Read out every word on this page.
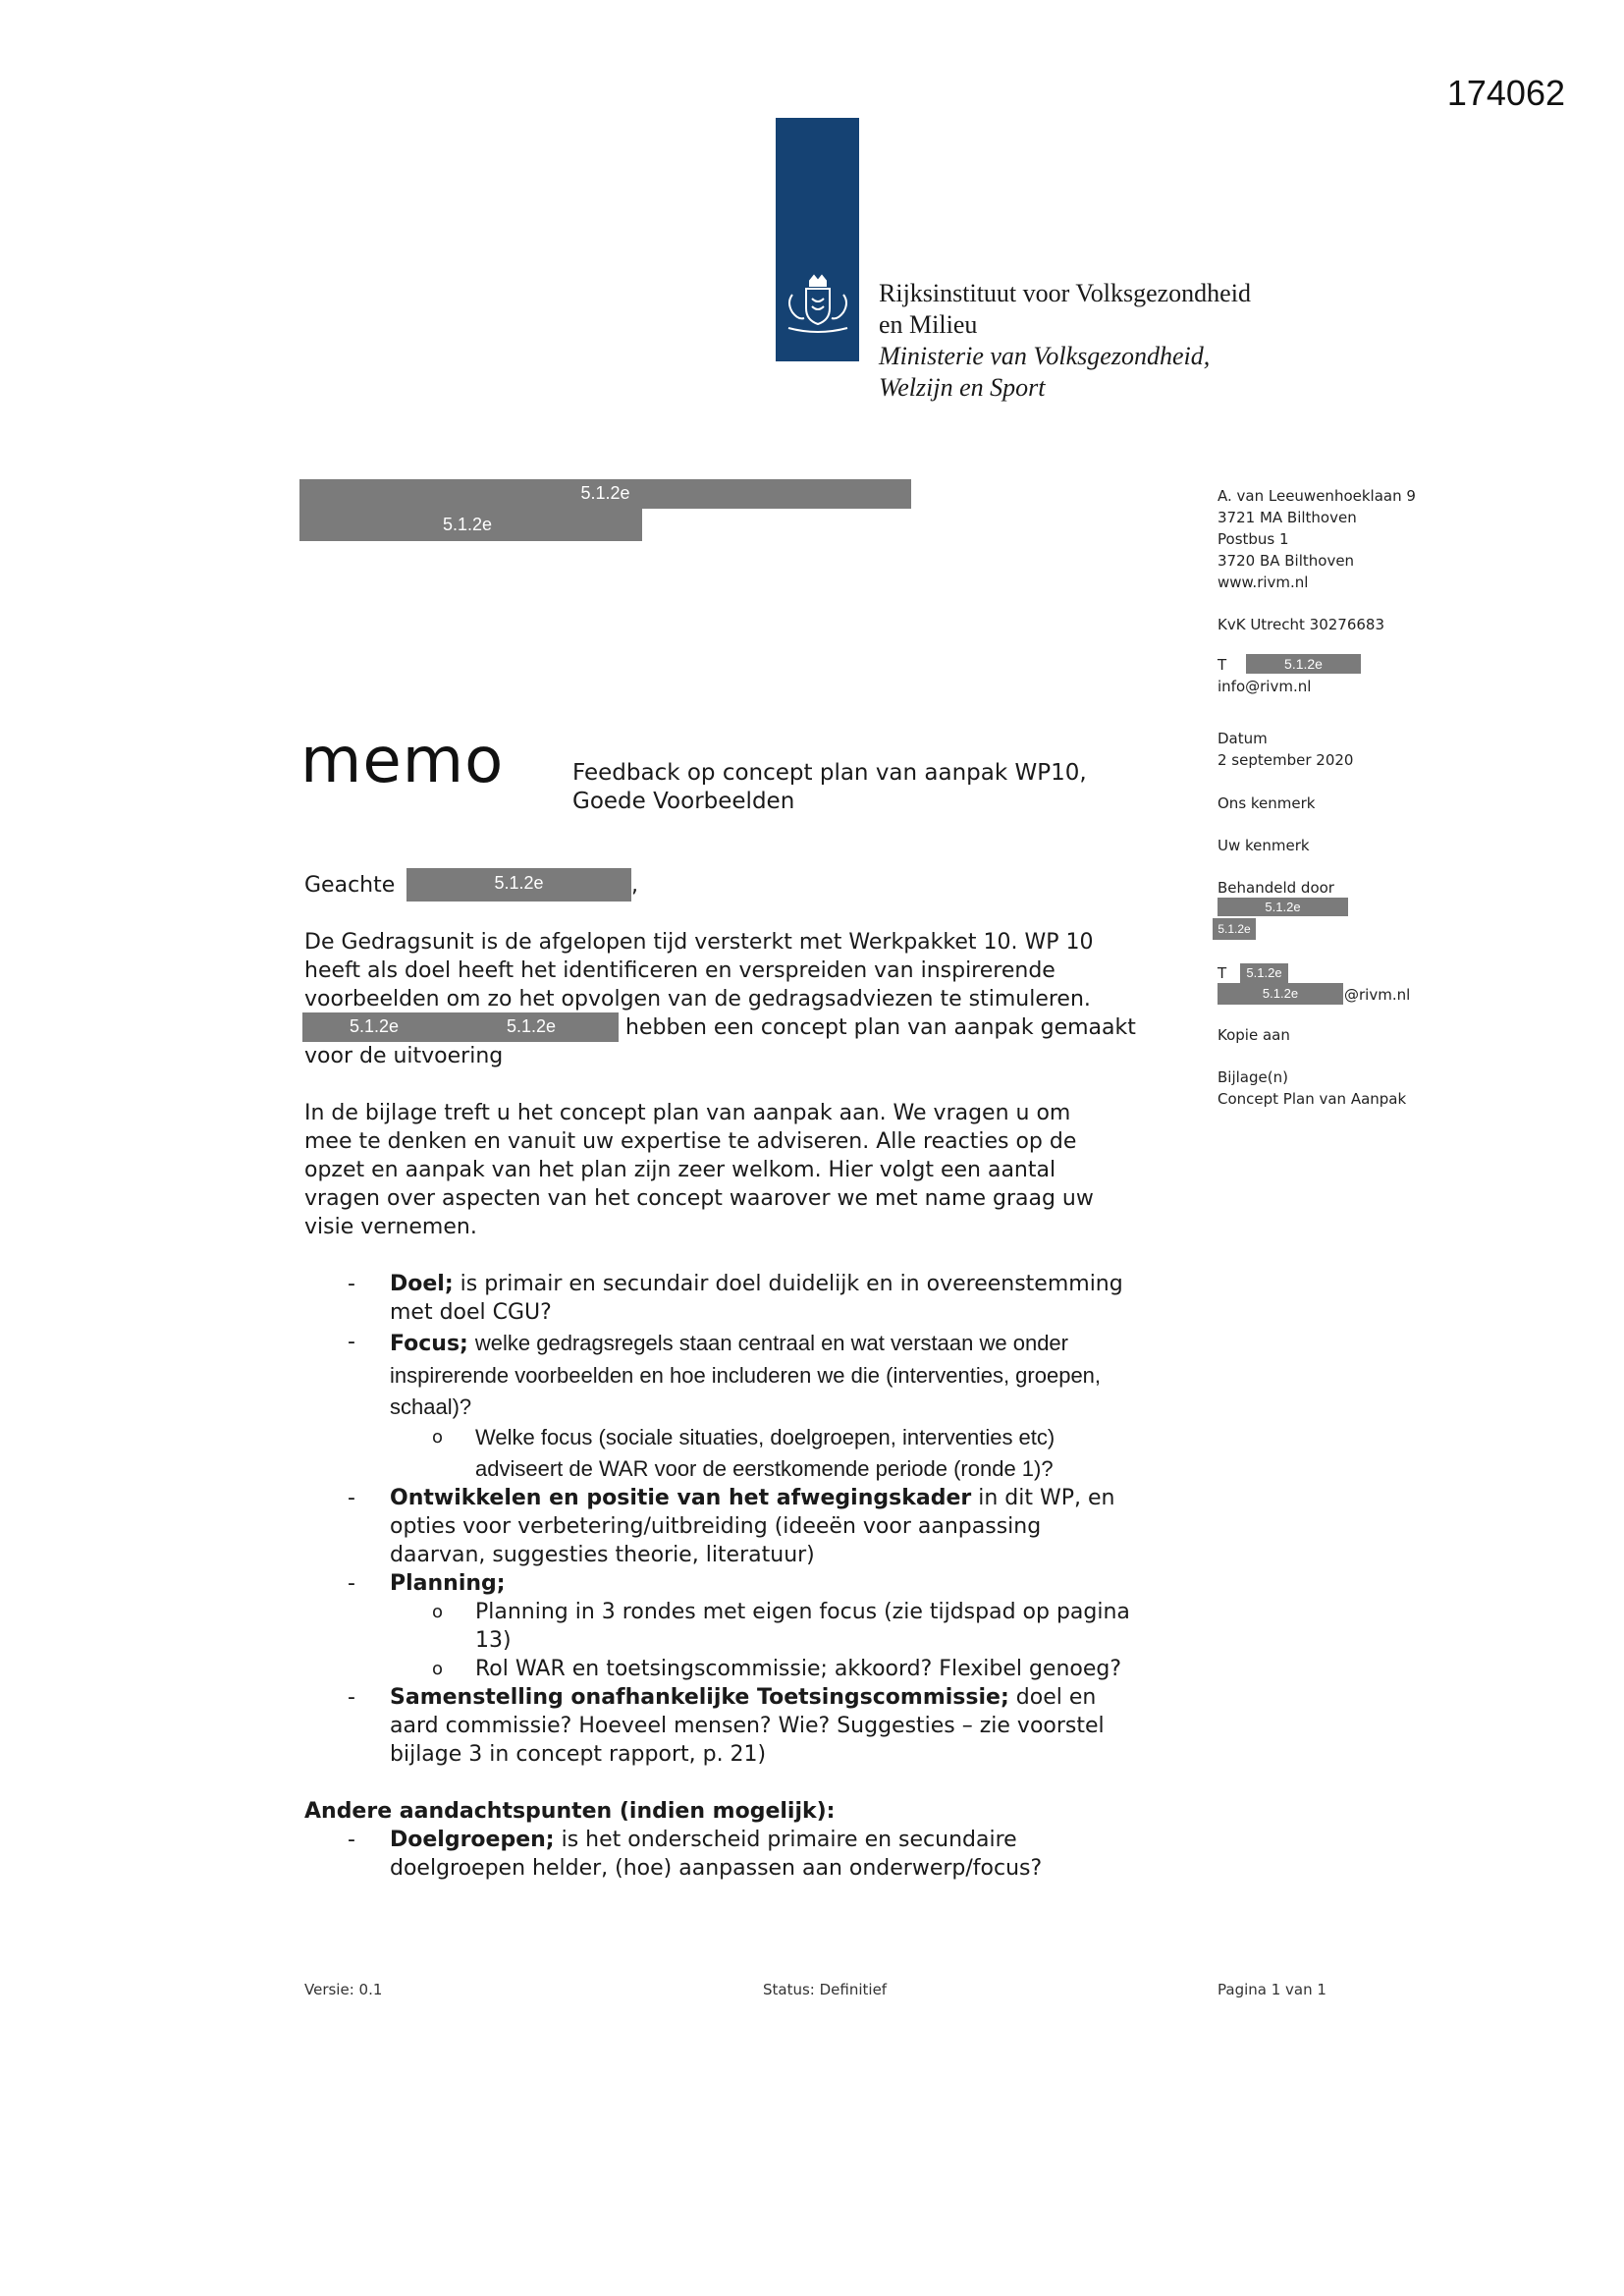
174062
Rijksinstituut voor Volksgezondheid
en Milieu
Ministerie van Volksgezondheid,
Welzijn en Sport
5.1.2e
5.1.2e
A. van Leeuwenhoeklaan 9
3721 MA Bilthoven
Postbus 1
3720 BA Bilthoven
www.rivm.nl
KvK Utrecht 30276683
T	5.1.2e
info@rivm.nl
Datum
2 september 2020
Ons kenmerk
Uw kenmerk
Behandeld door
5.1.2e
5.1.2e
T	5.1.2e
5.1.2e	@rivm.nl
Kopie aan
Bijlage(n)
Concept Plan van Aanpak
memo	Feedback op concept plan van aanpak WP10,
Goede Voorbeelden
Geachte	5.1.2e	,
De Gedragsunit is de afgelopen tijd versterkt met Werkpakket 10. WP 10
heeft als doel heeft het identificeren en verspreiden van inspirerende
voorbeelden om zo het opvolgen van de gedragsadviezen te stimuleren.
5.1.2e	5.1.2e	hebben een concept plan van aanpak gemaakt
voor de uitvoering
In de bijlage treft u het concept plan van aanpak aan. We vragen u om
mee te denken en vanuit uw expertise te adviseren. Alle reacties op de
opzet en aanpak van het plan zijn zeer welkom. Hier volgt een aantal
vragen over aspecten van het concept waarover we met name graag uw
visie vernemen.
- Doel; is primair en secundair doel duidelijk en in overeenstemming
met doel CGU?
- Focus; welke gedragsregels staan centraal en wat verstaan we onder
inspirerende voorbeelden en hoe includeren we die (interventies, groepen,
schaal)?
o Welke focus (sociale situaties, doelgroepen, interventies etc)
adviseert de WAR voor de eerstkomende periode (ronde 1)?
- Ontwikkelen en positie van het afwegingskader in dit WP, en
opties voor verbetering/uitbreiding (ideeën voor aanpassing
daarvan, suggesties theorie, literatuur)
- Planning;
o Planning in 3 rondes met eigen focus (zie tijdspad op pagina
13)
o Rol WAR en toetsingscommissie; akkoord? Flexibel genoeg?
- Samenstelling onafhankelijke Toetsingscommissie; doel en
aard commissie? Hoeveel mensen? Wie? Suggesties – zie voorstel
bijlage 3 in concept rapport, p. 21)
Andere aandachtspunten (indien mogelijk):
- Doelgroepen; is het onderscheid primaire en secundaire
doelgroepen helder, (hoe) aanpassen aan onderwerp/focus?
Versie: 0.1	Status: Definitief	Pagina 1 van 1
